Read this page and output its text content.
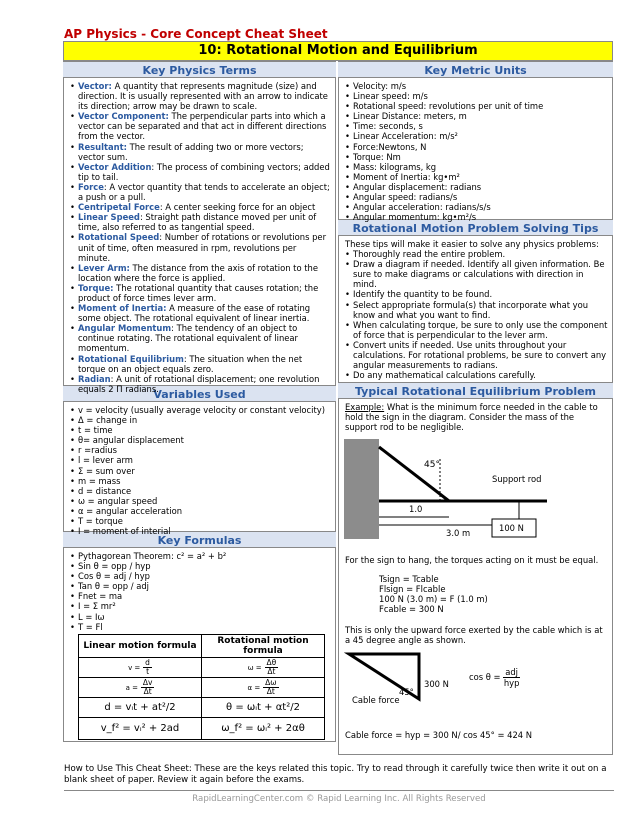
AP Physics - Core Concept Cheat Sheet
10: Rotational Motion and Equilibrium
Key Physics Terms
• Vector: A quantity that represents magnitude (size) and direction. It is usually represented with an arrow to indicate its direction; arrow may be drawn to scale.
• Vector Component: The perpendicular parts into which a vector can be separated and that act in different directions from the vector.
• Resultant: The result of adding two or more vectors; vector sum.
• Vector Addition: The process of combining vectors; added tip to tail.
• Force: A vector quantity that tends to accelerate an object; a push or a pull.
• Centripetal Force: A center seeking force for an object
• Linear Speed: Straight path distance moved per unit of time, also referred to as tangential speed.
• Rotational Speed: Number of rotations or revolutions per unit of time, often measured in rpm, revolutions per minute.
• Lever Arm: The distance from the axis of rotation to the location where the force is applied.
• Torque: The rotational quantity that causes rotation; the product of force times lever arm.
• Moment of Inertia: A measure of the ease of rotating some object. The rotational equivalent of linear inertia.
• Angular Momentum: The tendency of an object to continue rotating. The rotational equivalent of linear momentum.
• Rotational Equilibrium: The situation when the net torque on an object equals zero.
• Radian: A unit of rotational displacement; one revolution equals 2 Π radians.
Variables Used
• v = velocity (usually average velocity or constant velocity)
• Δ = change in
• t = time
• θ= angular displacement
• r =radius
• l = lever arm
• Σ = sum over
• m = mass
• d = distance
• ω = angular speed
• α = angular acceleration
• Τ = torque
• I = moment of interial
Key Formulas
• Pythagorean Theorem: c² = a² + b²
• Sin θ = opp / hyp
• Cos θ = adj / hyp
• Tan θ = opp / adj
• Fnet = ma
• I = Σ mr²
• L = Iω
• T = Fl
Linear motion formula	Rotational motion formula
$v = \frac{d}{t}$	$\omega = \frac{\Delta\theta}{\Delta t}$

$a = \frac{\Delta v}{\Delta t}$	$\alpha = \frac{\Delta\omega}{\Delta t}$

d = vᵢt + at²/2	θ = ωᵢt + αt²/2
v_f² = vᵢ² + 2ad	ω_f² = ωᵢ² + 2αθ
Key Metric Units
• Velocity: m/s
• Linear speed: m/s
• Rotational speed: revolutions per unit of time
• Linear Distance: meters, m
• Time: seconds, s
• Linear Acceleration: m/s²
• Force:Newtons, N
• Torque: Nm
• Mass: kilograms, kg
• Moment of Inertia: kg•m²
• Angular displacement: radians
• Angular speed: radians/s
• Angular acceleration: radians/s/s
• Angular momentum: kg•m²/s
Rotational Motion Problem Solving Tips
These tips will make it easier to solve any physics problems:
• Thoroughly read the entire problem.
• Draw a diagram if needed. Identify all given information. Be sure to make diagrams or calculations with direction in mind.
• Identify the quantity to be found.
• Select appropriate formula(s) that incorporate what you know and what you want to find.
• When calculating torque, be sure to only use the component of force that is perpendicular to the lever arm.
• Convert units if needed. Use units throughout your calculations. For rotational problems, be sure to convert any angular measurements to radians.
• Do any mathematical calculations carefully.
Typical Rotational Equilibrium Problem
Example: What is the minimum force needed in the cable to hold the sign in the diagram. Consider the mass of the support rod to be negligible.
45°
Support rod
1.0
3.0 m	100 N
For the sign to hang, the torques acting on it must be equal.
Tsign = Tcable
Flsign = Flcable
100 N (3.0 m) = F (1.0 m)
Fcable = 300 N
This is only the upward force exerted by the cable which is at a 45 degree angle as shown.
45°
300 N
Cable force
$\cos \theta = \frac{\text{adj}}{\text{hyp}}$
Cable force = hyp = 300 N/ cos 45° = 424 N
How to Use This Cheat Sheet: These are the keys related this topic. Try to read through it carefully twice then write it out on a blank sheet of paper. Review it again before the exams.
RapidLearningCenter.com © Rapid Learning Inc. All Rights Reserved
